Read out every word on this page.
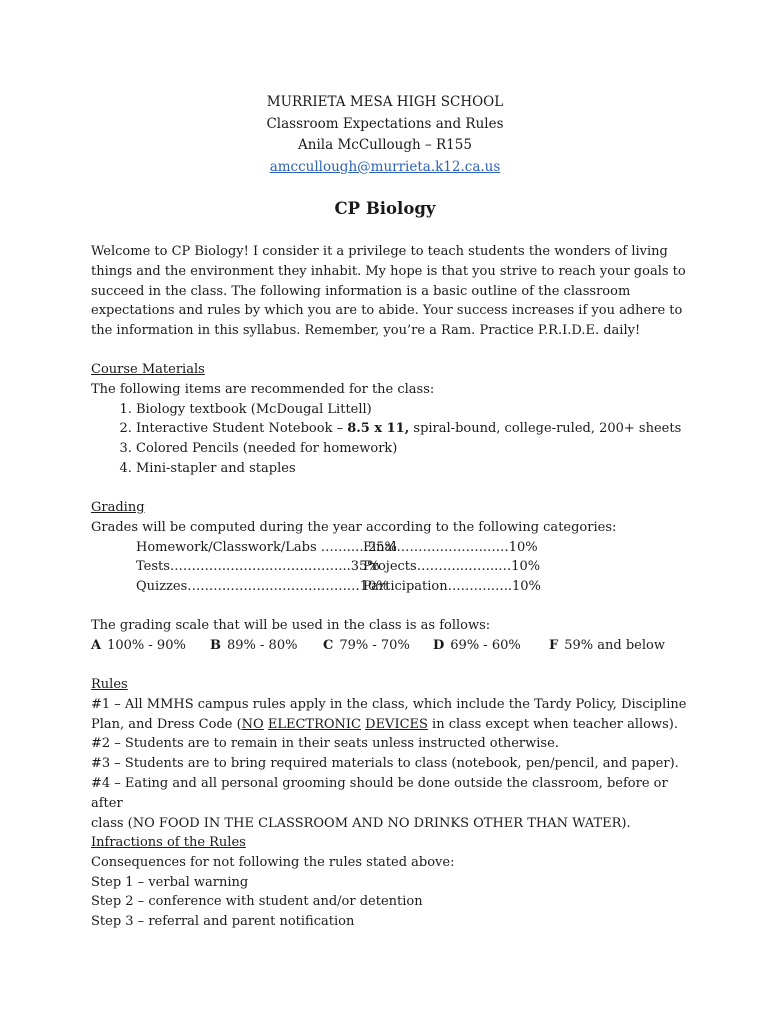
MURRIETA MESA HIGH SCHOOL
Classroom Expectations and Rules
Anila McCullough – R155
amccullough@murrieta.k12.ca.us
CP Biology
Welcome to CP Biology! I consider it a privilege to teach students the wonders of living
things and the environment they inhabit. My hope is that you strive to reach your goals to
succeed in the class. The following information is a basic outline of the classroom
expectations and rules by which you are to abide. Your success increases if you adhere to
the information in this syllabus. Remember, you’re a Ram. Practice P.R.I.D.E. daily!
Course Materials
The following items are recommended for the class:
1. Biology textbook (McDougal Littell)
2. Interactive Student Notebook – 8.5 x 11, spiral-bound, college-ruled, 200+ sheets
3. Colored Pencils (needed for homework)
4. Mini-stapler and staples
Grading
Grades will be computed during the year according to the following categories:
Homework/Classwork/Labs ……..…25%
Final……….……….……10%
Tests………….……….……….……...35%
Projects………..……..…10%
Quizzes……….……….……….…….…10%
Participation……….…..10%
The grading scale that will be used in the class is as follows:
A 100% - 90% B 89% - 80% C 79% - 70% D 69% - 60% F 59% and below
Rules
#1 – All MMHS campus rules apply in the class, which include the Tardy Policy, Discipline
Plan, and Dress Code (NO ELECTRONIC DEVICES in class except when teacher allows).
#2 – Students are to remain in their seats unless instructed otherwise.
#3 – Students are to bring required materials to class (notebook, pen/pencil, and paper).
#4 – Eating and all personal grooming should be done outside the classroom, before or after
class (NO FOOD IN THE CLASSROOM AND NO DRINKS OTHER THAN WATER).
Infractions of the Rules
Consequences for not following the rules stated above:
Step 1 – verbal warning
Step 2 – conference with student and/or detention
Step 3 – referral and parent notification
